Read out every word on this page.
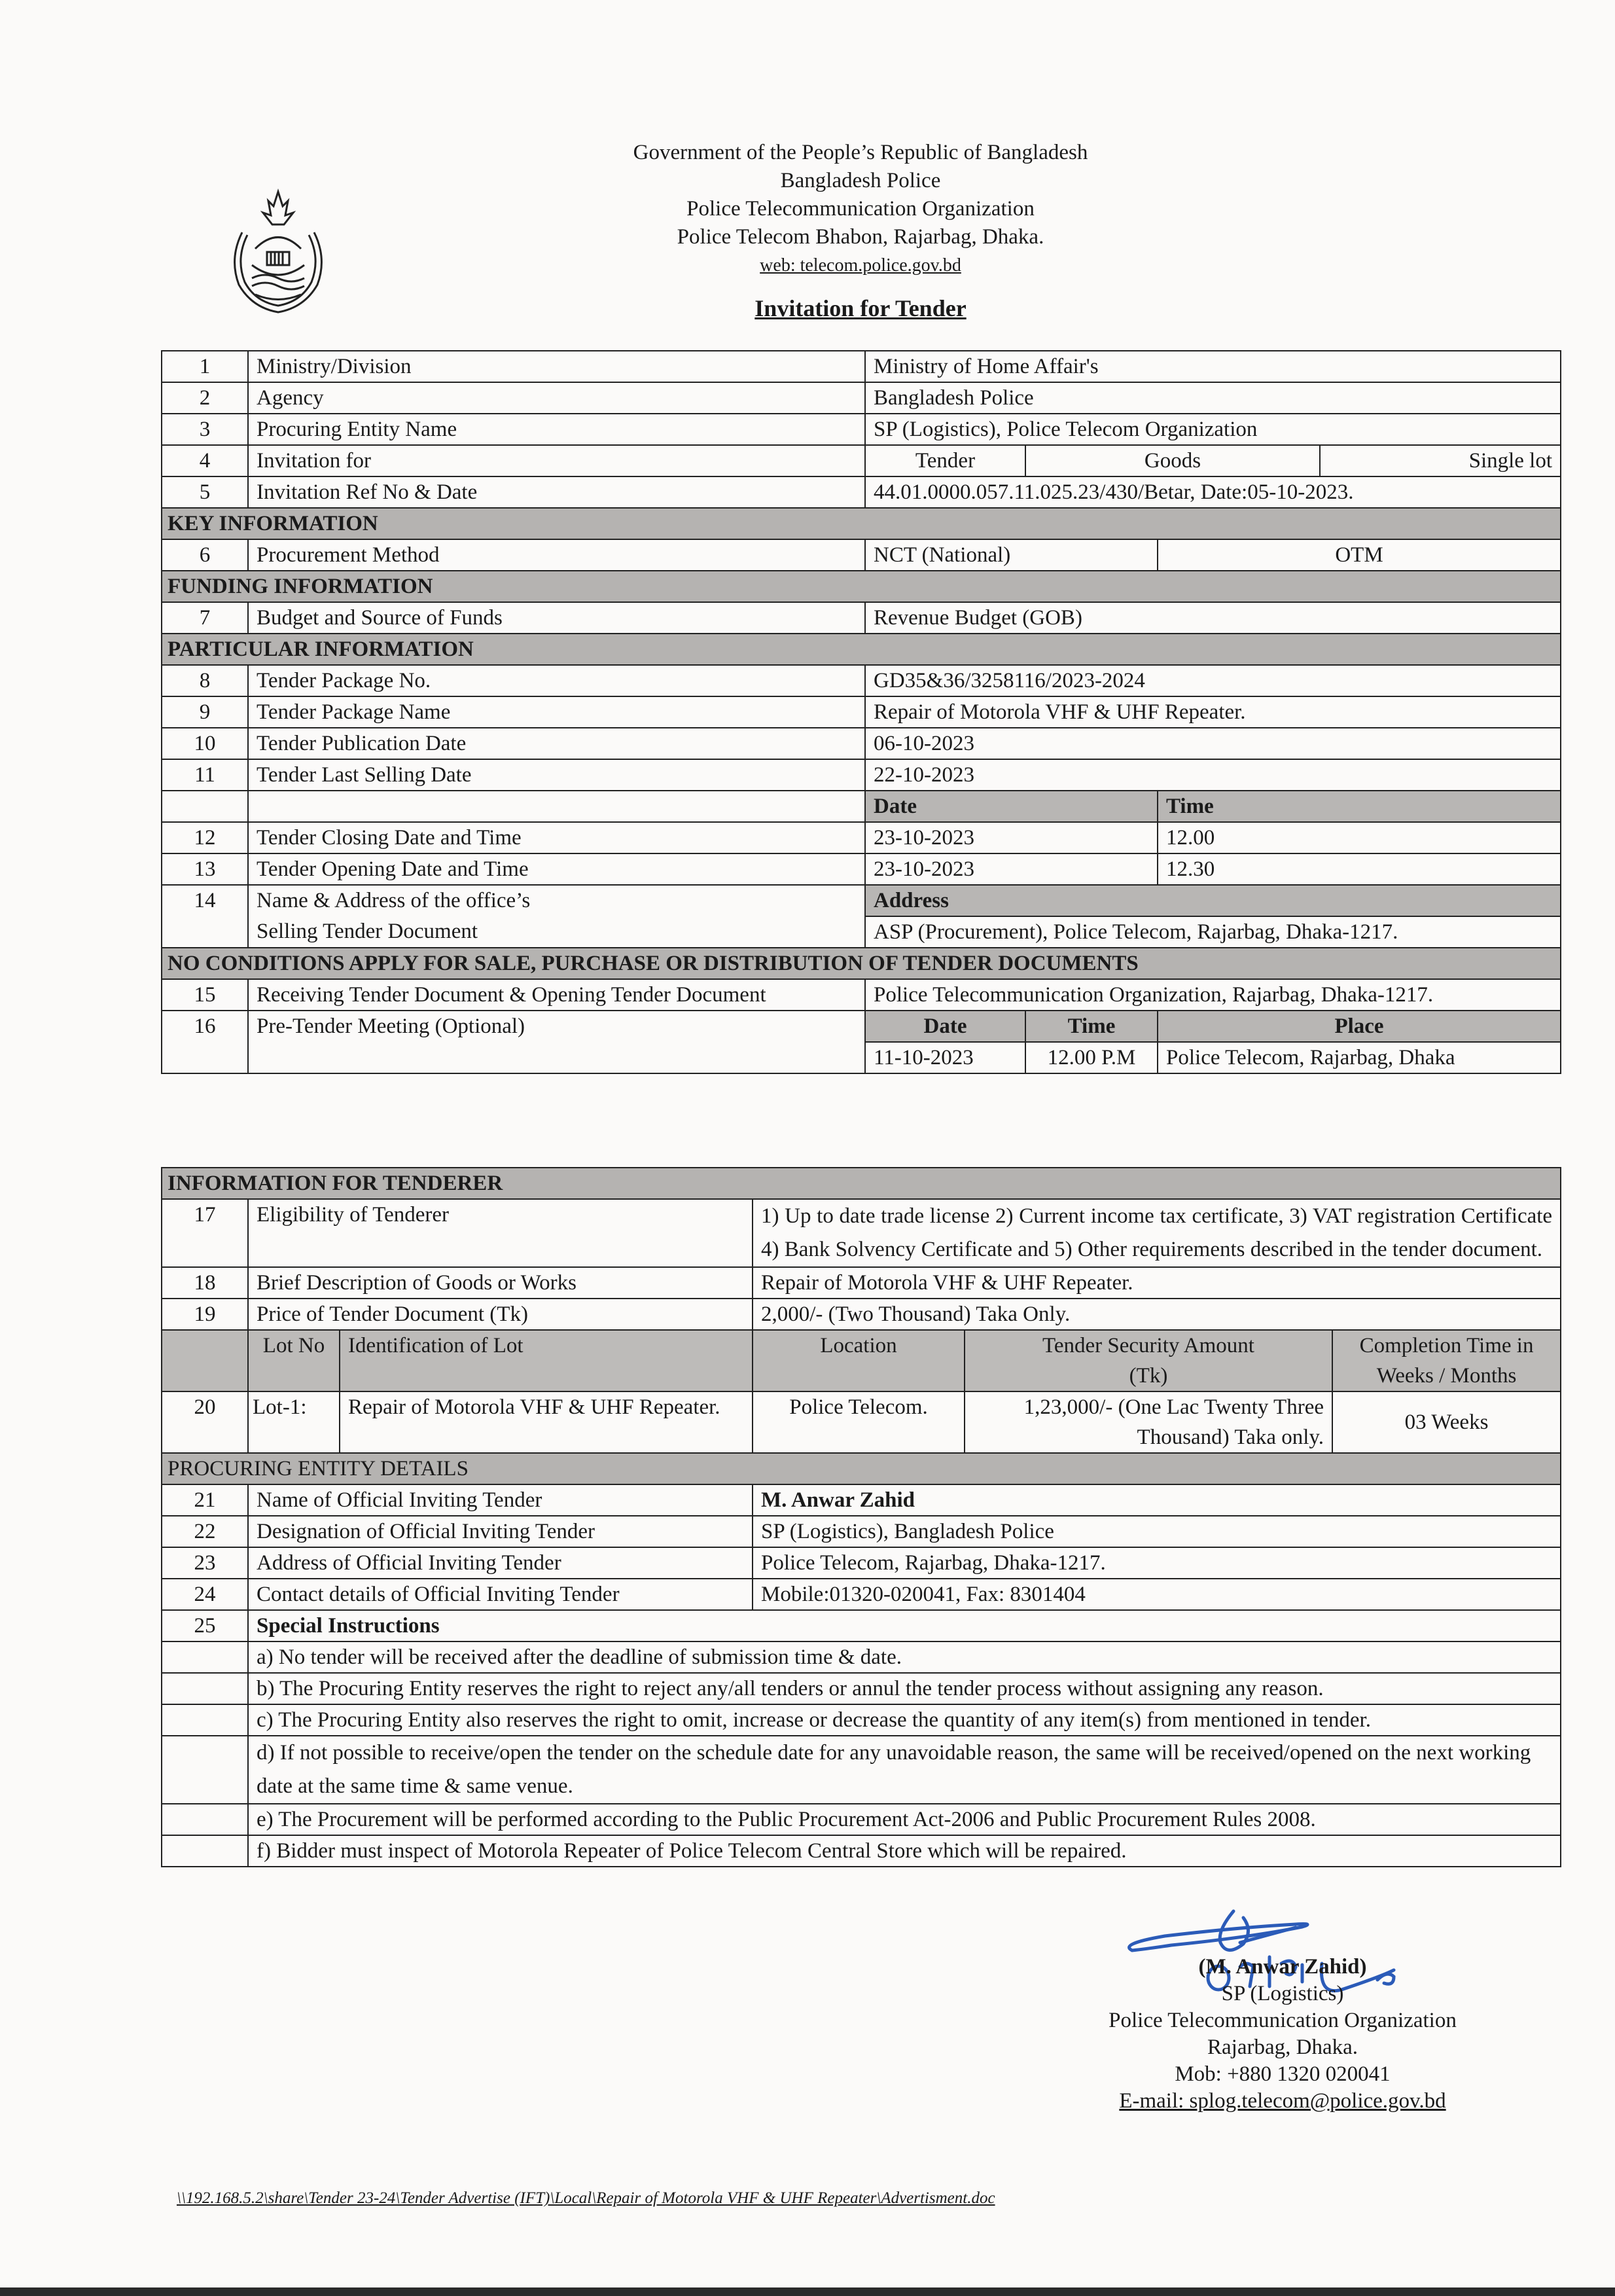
Government of the People’s Republic of Bangladesh
Bangladesh Police
Police Telecommunication Organization
Police Telecom Bhabon, Rajarbag, Dhaka.
web: telecom.police.gov.bd
Invitation for Tender
1	Ministry/Division	Ministry of Home Affair's			
2	Agency	Bangladesh Police			
3	Procuring Entity Name	SP (Logistics), Police Telecom Organization			
4	Invitation for	Tender	Goods		Single lot
5	Invitation Ref No & Date	44.01.0000.057.11.025.23/430/Betar, Date:05-10-2023.			
KEY INFORMATION					
6	Procurement Method	NCT (National)		OTM	
FUNDING INFORMATION					
7	Budget and Source of Funds	Revenue Budget (GOB)			
PARTICULAR INFORMATION					
8	Tender Package No.	GD35&36/3258116/2023-2024			
9	Tender Package Name	Repair of Motorola VHF & UHF Repeater.			
10	Tender Publication Date	06-10-2023			
11	Tender Last Selling Date	22-10-2023			
		Date		Time	
12	Tender Closing Date and Time	23-10-2023		12.00	
13	Tender Opening Date and Time	23-10-2023		12.30	
14	Name & Address of the office’s	Address			
	Selling Tender Document	ASP (Procurement), Police Telecom, Rajarbag, Dhaka-1217.			
NO CONDITIONS APPLY FOR SALE, PURCHASE OR DISTRIBUTION OF TENDER DOCUMENTS					
15	Receiving Tender Document & Opening Tender Document	Police Telecommunication Organization, Rajarbag, Dhaka-1217.			
16	Pre-Tender Meeting (Optional)	Date	Time	Place	
		11-10-2023	12.00 P.M	Police Telecom, Rajarbag, Dhaka	
INFORMATION FOR TENDERER					
17	Eligibility of Tenderer		1) Up to date trade license 2) Current income tax certificate, 3) VAT registration Certificate 4) Bank Solvency Certificate and 5) Other requirements described in the tender document.		
18	Brief Description of Goods or Works		Repair of Motorola VHF & UHF Repeater.		
19	Price of Tender Document (Tk)		2,000/- (Two Thousand) Taka Only.		
	Lot No	Identification of Lot	Location	Tender Security Amount (Tk)	Completion Time in Weeks / Months
20	Lot-1:	Repair of Motorola VHF & UHF Repeater.	Police Telecom.	1,23,000/- (One Lac Twenty Three Thousand) Taka only.	03 Weeks
PROCURING ENTITY DETAILS					
21	Name of Official Inviting Tender		M. Anwar Zahid		
22	Designation of Official Inviting Tender		SP (Logistics), Bangladesh Police		
23	Address of Official Inviting Tender		Police Telecom, Rajarbag, Dhaka-1217.		
24	Contact details of Official Inviting Tender		Mobile:01320-020041, Fax: 8301404		
25	Special Instructions				
	a) No tender will be received after the deadline of submission time & date.				
	b) The Procuring Entity reserves the right to reject any/all tenders or annul the tender process without assigning any reason.				
	c) The Procuring Entity also reserves the right to omit, increase or decrease the quantity of any item(s) from mentioned in tender.				
	d) If not possible to receive/open the tender on the schedule date for any unavoidable reason, the same will be received/opened on the next working date at the same time & same venue.				
	e) The Procurement will be performed according to the Public Procurement Act-2006 and Public Procurement Rules 2008.				
	f) Bidder must inspect of Motorola Repeater of Police Telecom Central Store which will be repaired.				
(M. Anwar Zahid)
SP (Logistics)
Police Telecommunication Organization
Rajarbag, Dhaka.
Mob: +880 1320 020041
E-mail: splog.telecom@police.gov.bd
\\192.168.5.2\share\Tender 23-24\Tender Advertise (IFT)\Local\Repair of Motorola VHF & UHF Repeater\Advertisment.doc
